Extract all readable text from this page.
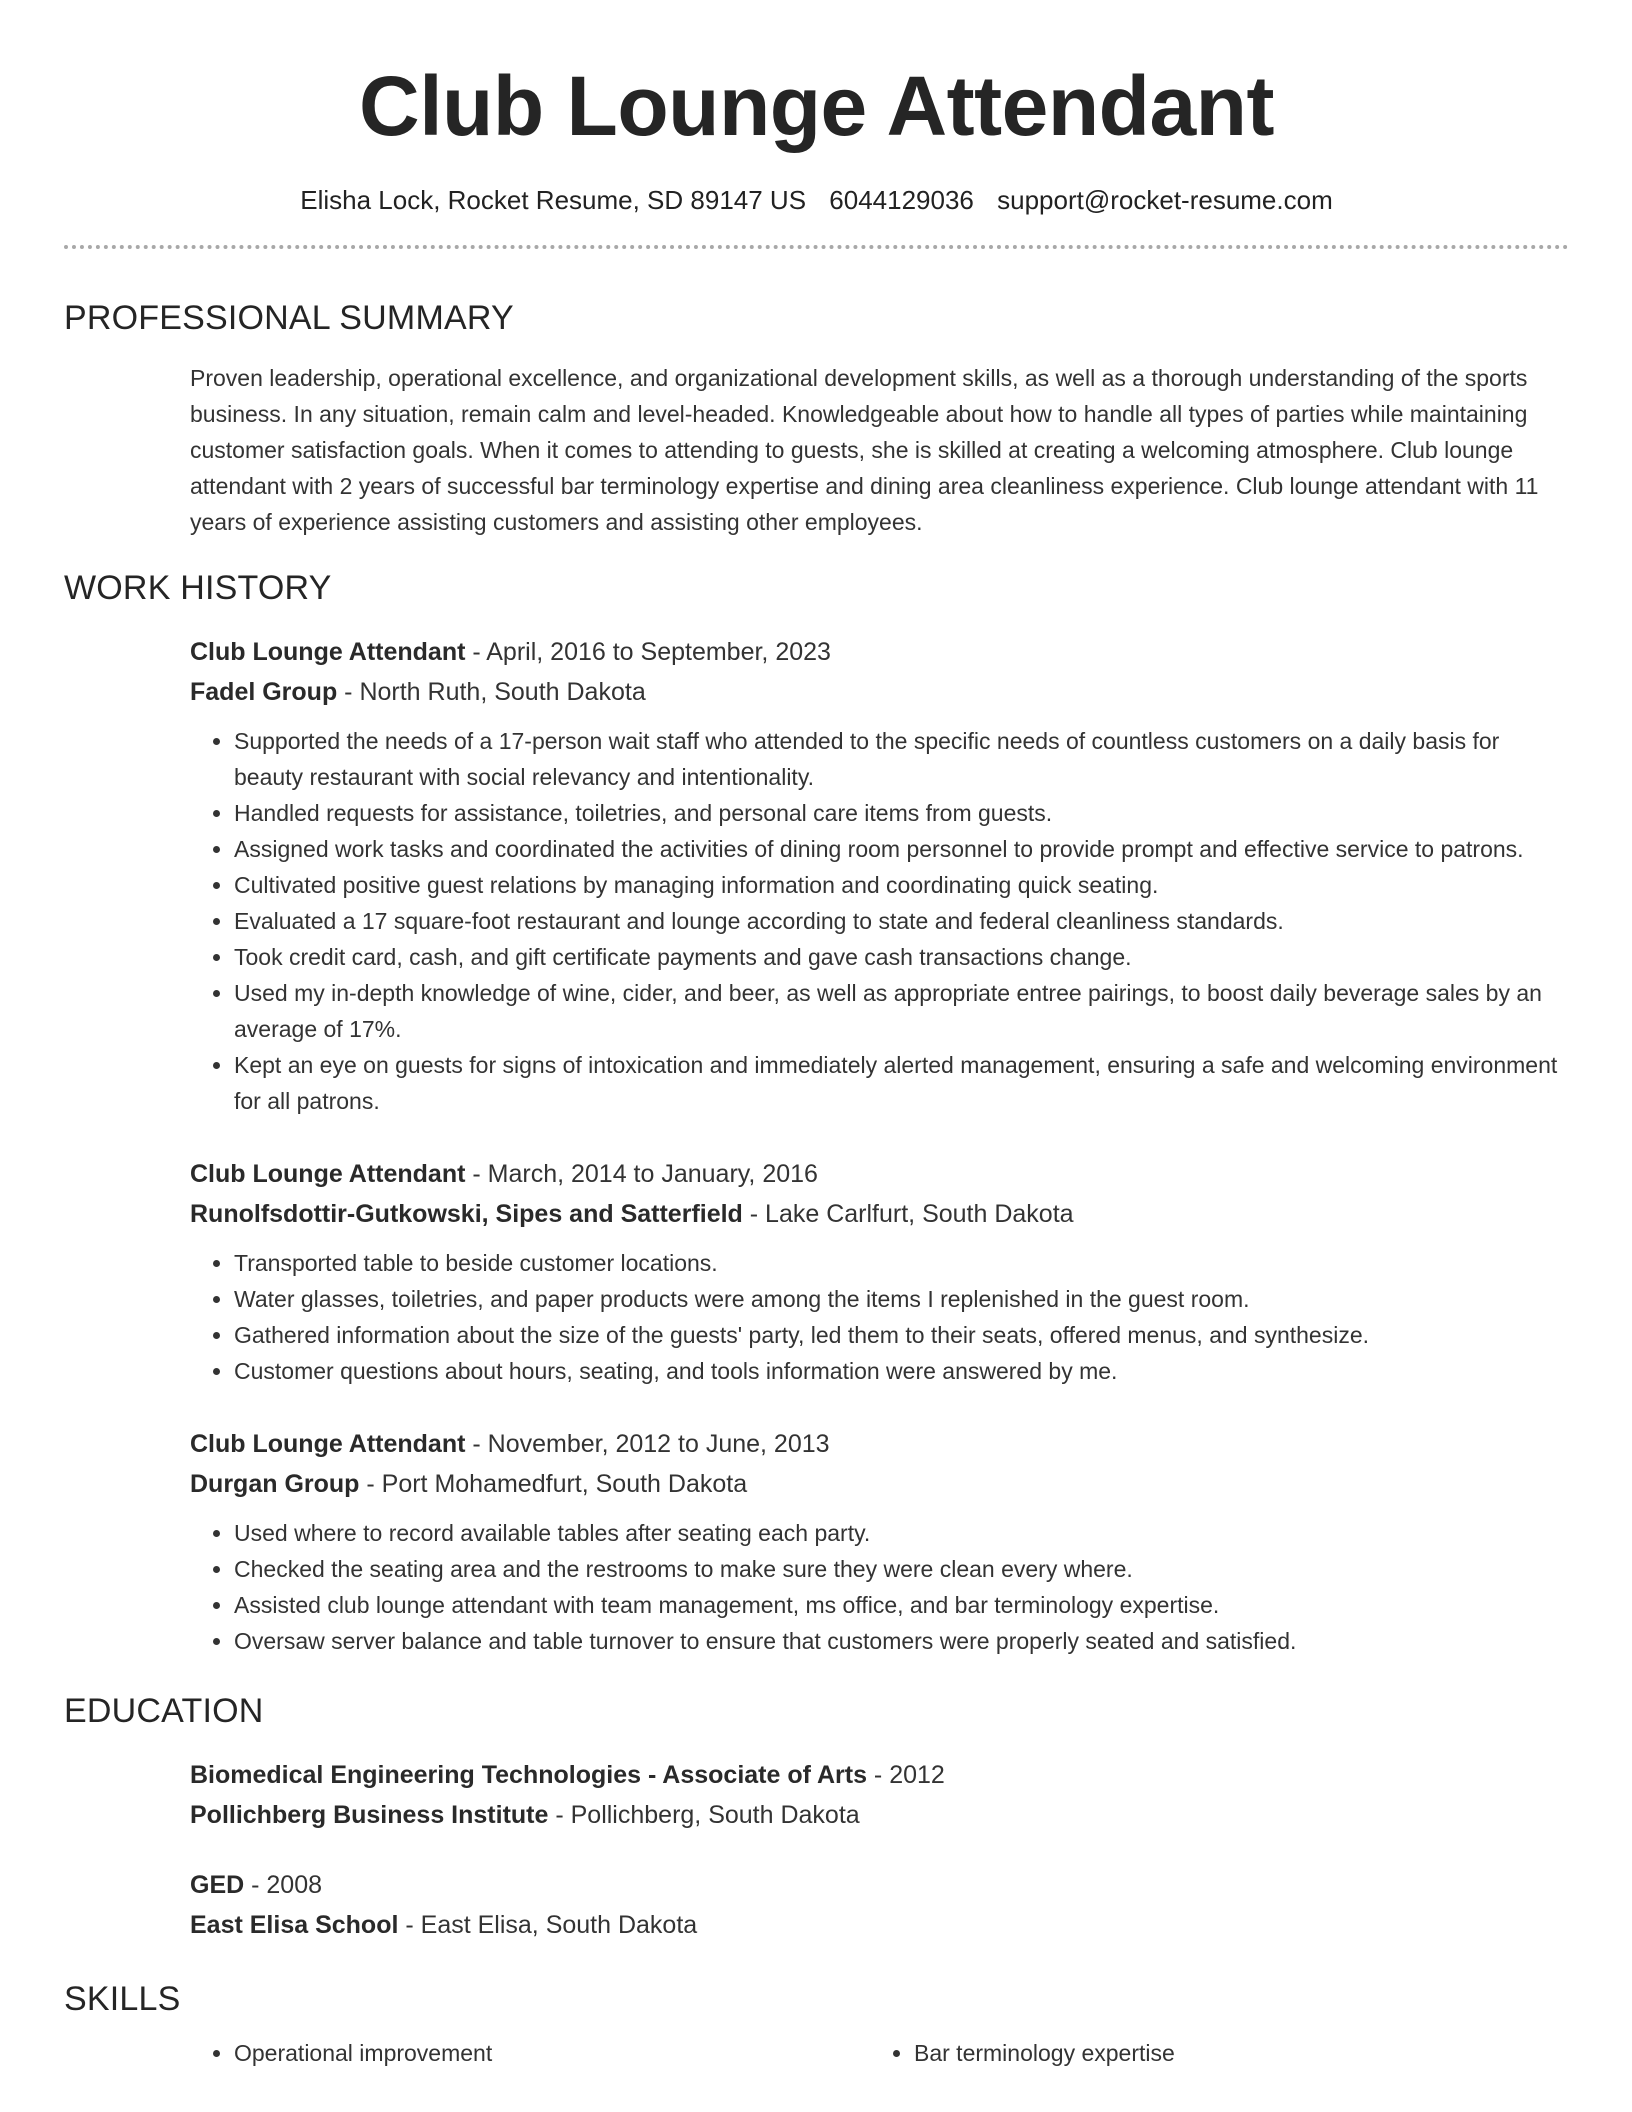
Club Lounge Attendant
Elisha Lock, Rocket Resume, SD 89147 US 6044129036 support@rocket-resume.com
PROFESSIONAL SUMMARY
Proven leadership, operational excellence, and organizational development skills, as well as a thorough understanding of the sports business. In any situation, remain calm and level-headed. Knowledgeable about how to handle all types of parties while maintaining customer satisfaction goals. When it comes to attending to guests, she is skilled at creating a welcoming atmosphere. Club lounge attendant with 2 years of successful bar terminology expertise and dining area cleanliness experience. Club lounge attendant with 11 years of experience assisting customers and assisting other employees.
WORK HISTORY
Club Lounge Attendant - April, 2016 to September, 2023
Fadel Group - North Ruth, South Dakota
• Supported the needs of a 17-person wait staff who attended to the specific needs of countless customers on a daily basis for beauty restaurant with social relevancy and intentionality.
• Handled requests for assistance, toiletries, and personal care items from guests.
• Assigned work tasks and coordinated the activities of dining room personnel to provide prompt and effective service to patrons.
• Cultivated positive guest relations by managing information and coordinating quick seating.
• Evaluated a 17 square-foot restaurant and lounge according to state and federal cleanliness standards.
• Took credit card, cash, and gift certificate payments and gave cash transactions change.
• Used my in-depth knowledge of wine, cider, and beer, as well as appropriate entree pairings, to boost daily beverage sales by an average of 17%.
• Kept an eye on guests for signs of intoxication and immediately alerted management, ensuring a safe and welcoming environment for all patrons.
Club Lounge Attendant - March, 2014 to January, 2016
Runolfsdottir-Gutkowski, Sipes and Satterfield - Lake Carlfurt, South Dakota
• Transported table to beside customer locations.
• Water glasses, toiletries, and paper products were among the items I replenished in the guest room.
• Gathered information about the size of the guests' party, led them to their seats, offered menus, and synthesize.
• Customer questions about hours, seating, and tools information were answered by me.
Club Lounge Attendant - November, 2012 to June, 2013
Durgan Group - Port Mohamedfurt, South Dakota
• Used where to record available tables after seating each party.
• Checked the seating area and the restrooms to make sure they were clean every where.
• Assisted club lounge attendant with team management, ms office, and bar terminology expertise.
• Oversaw server balance and table turnover to ensure that customers were properly seated and satisfied.
EDUCATION
Biomedical Engineering Technologies - Associate of Arts - 2012
Pollichberg Business Institute - Pollichberg, South Dakota
GED - 2008
East Elisa School - East Elisa, South Dakota
SKILLS
• Operational improvement
•	Bar terminology expertise
